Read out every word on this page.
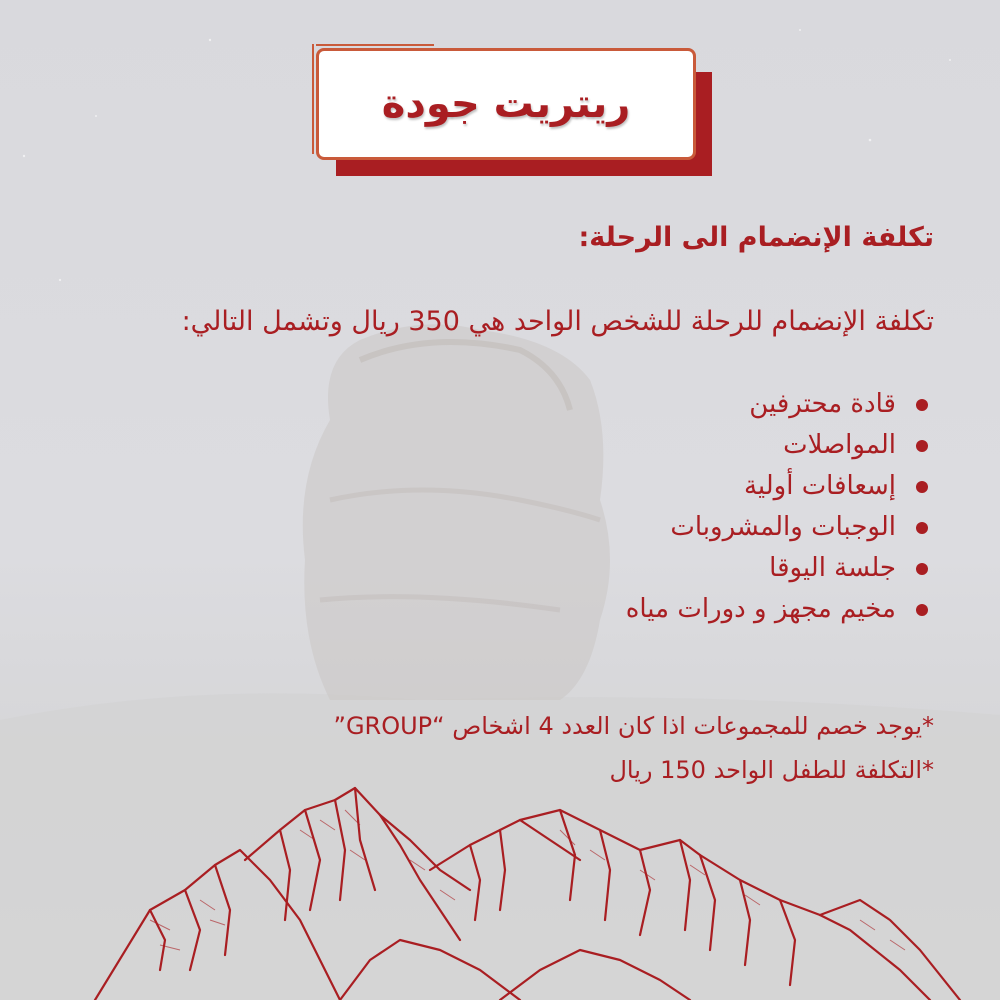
ريتريت جودة
تكلفة الإنضمام الى الرحلة:
تكلفة الإنضمام للرحلة للشخص الواحد هي 350 ريال وتشمل التالي:
قادة محترفين
المواصلات
إسعافات أولية
الوجبات والمشروبات
جلسة اليوقا
مخيم مجهز و دورات مياه
*يوجد خصم للمجموعات اذا كان العدد 4 اشخاص “GROUP”
*التكلفة للطفل الواحد 150 ريال
